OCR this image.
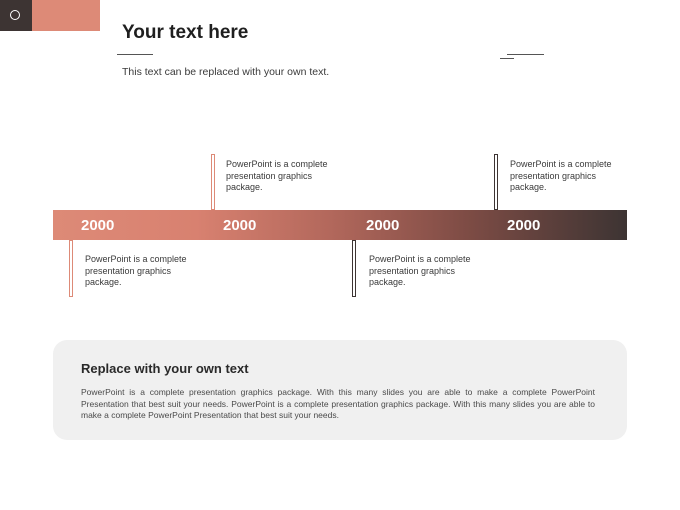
Your text here
This text can be replaced with your own text.
2000	2000	2000	2000
PowerPoint is a complete presentation graphics package.
PowerPoint is a complete presentation graphics package.
PowerPoint is a complete presentation graphics package.
PowerPoint is a complete presentation graphics package.
Replace with your own text
PowerPoint is a complete presentation graphics package. With this many slides you are able to make a complete PowerPoint Presentation that best suit your needs. PowerPoint is a complete presentation graphics package. With this many slides you are able to make a complete PowerPoint Presentation that best suit your needs.
